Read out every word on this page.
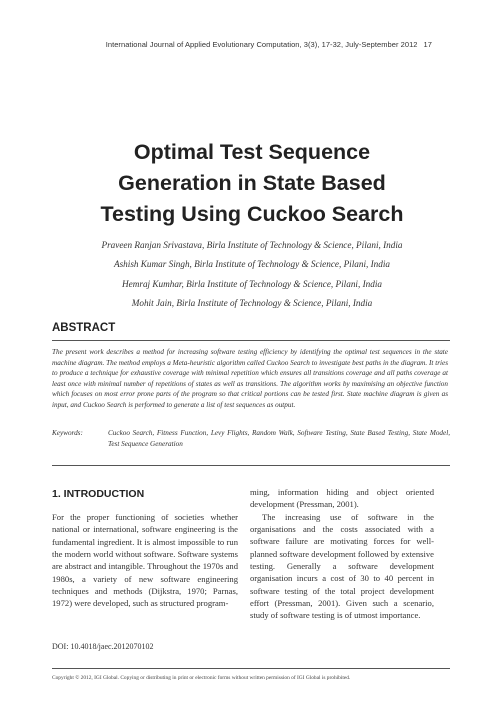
International Journal of Applied Evolutionary Computation, 3(3), 17-32, July-September 2012 17
Optimal Test Sequence
Generation in State Based
Testing Using Cuckoo Search
Praveen Ranjan Srivastava, Birla Institute of Technology & Science, Pilani, India
Ashish Kumar Singh, Birla Institute of Technology & Science, Pilani, India
Hemraj Kumhar, Birla Institute of Technology & Science, Pilani, India
Mohit Jain, Birla Institute of Technology & Science, Pilani, India
ABSTRACT
The present work describes a method for increasing software testing efficiency by identifying the optimal test sequences in the state machine diagram. The method employs a Meta-heuristic algorithm called Cuckoo Search to investigate best paths in the diagram. It tries to produce a technique for exhaustive coverage with minimal repetition which ensures all transitions coverage and all paths coverage at least once with minimal number of repetitions of states as well as transitions. The algorithm works by maximising an objective function which focuses on most error prone parts of the program so that critical portions can be tested first. State machine diagram is given as input, and Cuckoo Search is performed to generate a list of test sequences as output.
Keywords:	Cuckoo Search, Fitness Function, Levy Flights, Random Walk, Software Testing, State Based Testing, State Model, Test Sequence Generation
1. INTRODUCTION

For the proper functioning of societies whether national or international, software engineering is the fundamental ingredient. It is almost impossible to run the modern world without software. Software systems are abstract and intangible. Throughout the 1970s and 1980s, a variety of new software engineering techniques and methods (Dijkstra, 1970; Parnas, 1972) were developed, such as structured program-

ming, information hiding and object oriented development (Pressman, 2001).

The increasing use of software in the organisations and the costs associated with a software failure are motivating forces for well-planned software development followed by extensive testing. Generally a software development organisation incurs a cost of 30 to 40 percent in software testing of the total project development effort (Pressman, 2001). Given such a scenario, study of software testing is of utmost importance.

DOI: 10.4018/jaec.2012070102
Copyright © 2012, IGI Global. Copying or distributing in print or electronic forms without written permission of IGI Global is prohibited.
